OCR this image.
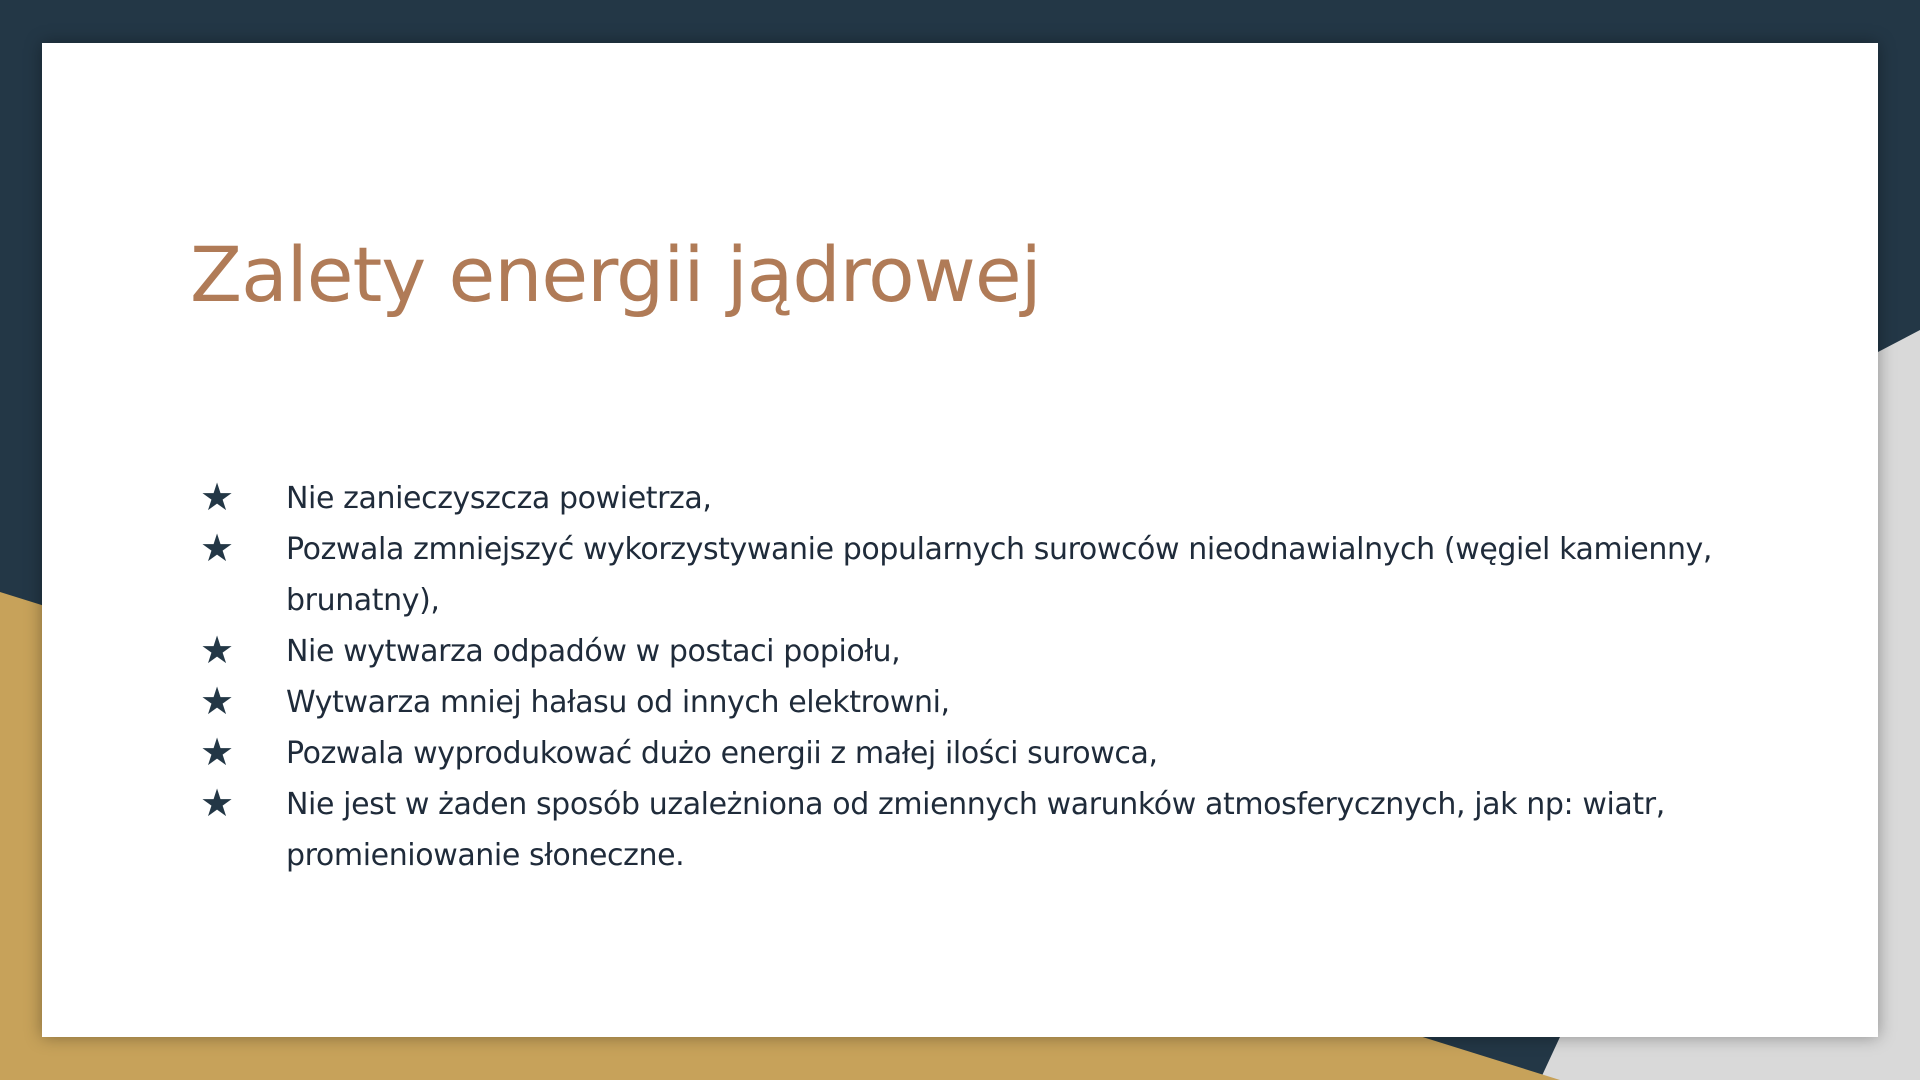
Zalety energii jądrowej
★	Nie zanieczyszcza powietrza,
★	Pozwala zmniejszyć wykorzystywanie popularnych surowców nieodnawialnych (węgiel kamienny, brunatny),
★	Nie wytwarza odpadów w postaci popiołu,
★	Wytwarza mniej hałasu od innych elektrowni,
★	Pozwala wyprodukować dużo energii z małej ilości surowca,
★	Nie jest w żaden sposób uzależniona od zmiennych warunków atmosferycznych, jak np: wiatr, promieniowanie słoneczne.
